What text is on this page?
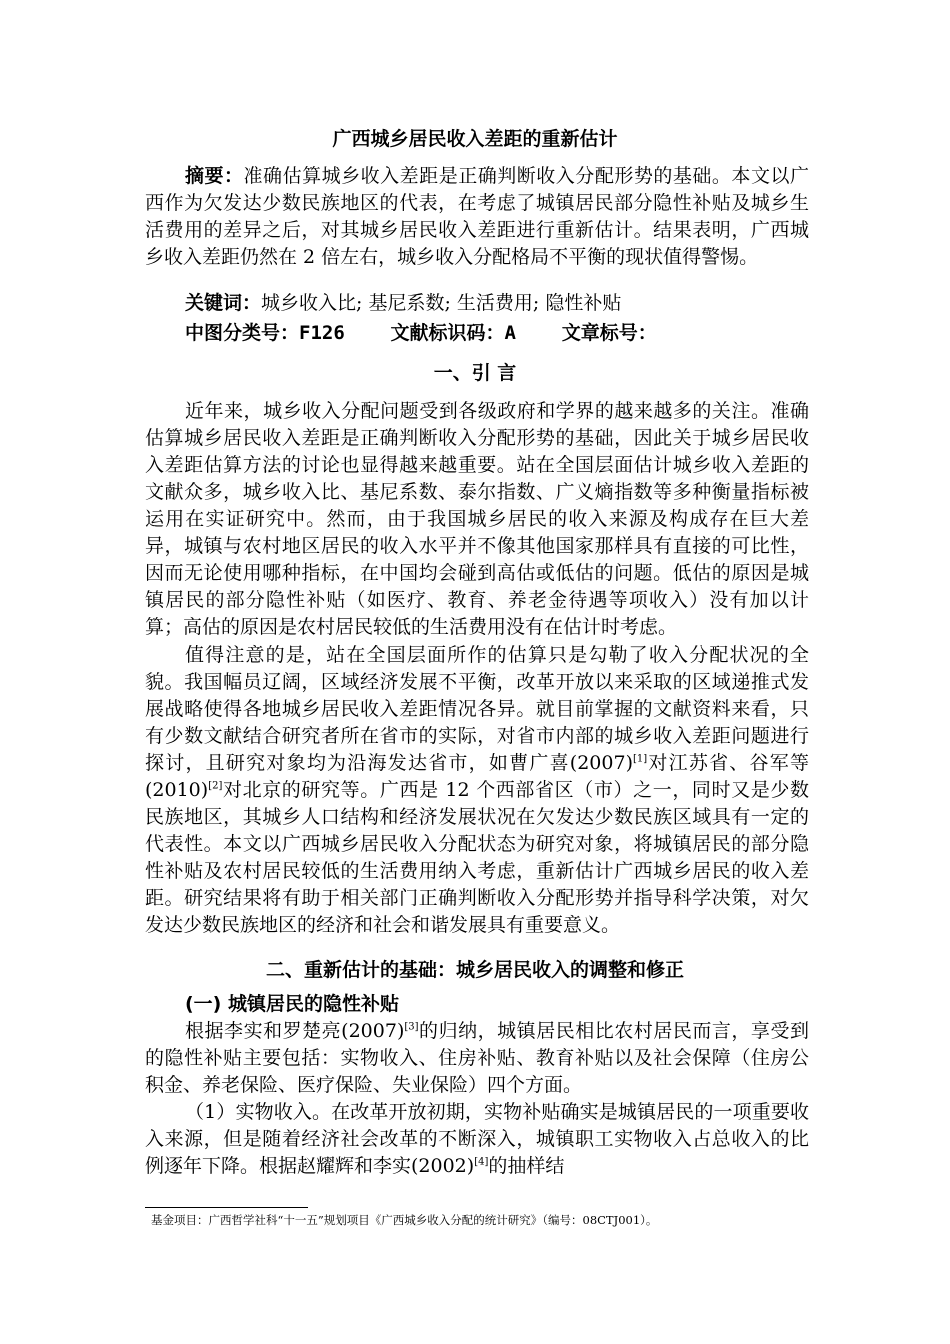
广西城乡居民收入差距的重新估计
摘要：准确估算城乡收入差距是正确判断收入分配形势的基础。本文以广西作为欠发达少数民族地区的代表，在考虑了城镇居民部分隐性补贴及城乡生活费用的差异之后，对其城乡居民收入差距进行重新估计。结果表明，广西城乡收入差距仍然在 2 倍左右，城乡收入分配格局不平衡的现状值得警惕。
关键词：城乡收入比; 基尼系数; 生活费用; 隐性补贴
中图分类号：F126 文献标识码：A 文章标号：
一、引 言
近年来，城乡收入分配问题受到各级政府和学界的越来越多的关注。准确估算城乡居民收入差距是正确判断收入分配形势的基础，因此关于城乡居民收入差距估算方法的讨论也显得越来越重要。站在全国层面估计城乡收入差距的文献众多，城乡收入比、基尼系数、泰尔指数、广义熵指数等多种衡量指标被运用在实证研究中。然而，由于我国城乡居民的收入来源及构成存在巨大差异，城镇与农村地区居民的收入水平并不像其他国家那样具有直接的可比性，因而无论使用哪种指标，在中国均会碰到高估或低估的问题。低估的原因是城镇居民的部分隐性补贴（如医疗、教育、养老金待遇等项收入）没有加以计算；高估的原因是农村居民较低的生活费用没有在估计时考虑。
值得注意的是，站在全国层面所作的估算只是勾勒了收入分配状况的全貌。我国幅员辽阔，区域经济发展不平衡，改革开放以来采取的区域递推式发展战略使得各地城乡居民收入差距情况各异。就目前掌握的文献资料来看，只有少数文献结合研究者所在省市的实际，对省市内部的城乡收入差距问题进行探讨，且研究对象均为沿海发达省市，如曹广喜(2007)[1]对江苏省、谷军等(2010)[2]对北京的研究等。广西是 12 个西部省区（市）之一，同时又是少数民族地区，其城乡人口结构和经济发展状况在欠发达少数民族区域具有一定的代表性。本文以广西城乡居民收入分配状态为研究对象，将城镇居民的部分隐性补贴及农村居民较低的生活费用纳入考虑，重新估计广西城乡居民的收入差距。研究结果将有助于相关部门正确判断收入分配形势并指导科学决策，对欠发达少数民族地区的经济和社会和谐发展具有重要意义。
二、重新估计的基础：城乡居民收入的调整和修正
(一) 城镇居民的隐性补贴
根据李实和罗楚亮(2007)[3]的归纳，城镇居民相比农村居民而言，享受到的隐性补贴主要包括：实物收入、住房补贴、教育补贴以及社会保障（住房公积金、养老保险、医疗保险、失业保险）四个方面。
（1）实物收入。在改革开放初期，实物补贴确实是城镇居民的一项重要收入来源，但是随着经济社会改革的不断深入，城镇职工实物收入占总收入的比例逐年下降。根据赵耀辉和李实(2002)[4]的抽样结
基金项目：广西哲学社科“十一五”规划项目《广西城乡收入分配的统计研究》（编号：08CTJ001）。
